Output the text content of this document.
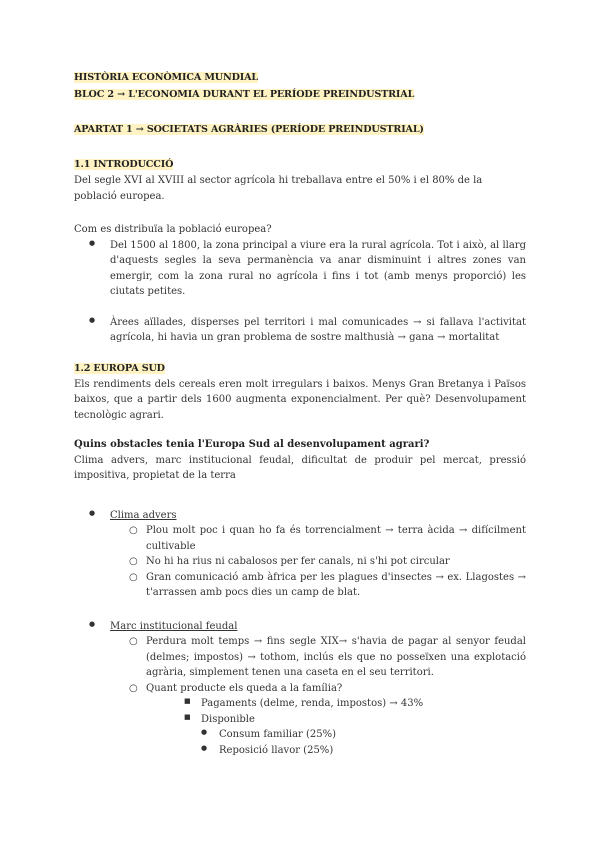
HISTÒRIA ECONÒMICA MUNDIAL
BLOC 2 → L'ECONOMIA DURANT EL PERÍODE PREINDUSTRIAL
APARTAT 1 → SOCIETATS AGRÀRIES (PERÍODE PREINDUSTRIAL)
1.1 INTRODUCCIÓ

Del segle XVI al XVIII al sector agrícola hi treballava entre el 50% i el 80% de la població europea.

Com es distribuïa la població europea?

● Del 1500 al 1800, la zona principal a viure era la rural agrícola. Tot i això, al llarg d'aquests segles la seva permanència va anar disminuint i altres zones van emergir, com la zona rural no agrícola i fins i tot (amb menys proporció) les ciutats petites.
● Àrees aïllades, disperses pel territori i mal comunicades → si fallava l'activitat agrícola, hi havia un gran problema de sostre malthusià → gana → mortalitat
1.2 EUROPA SUD

Els rendiments dels cereals eren molt irregulars i baixos. Menys Gran Bretanya i Països baixos, que a partir dels 1600 augmenta exponencialment. Per què? Desenvolupament tecnològic agrari.

Quins obstacles tenia l'Europa Sud al desenvolupament agrari?

Clima advers, marc institucional feudal, dificultat de produir pel mercat, pressió impositiva, propietat de la terra

● Clima advers
○ Plou molt poc i quan ho fa és torrencialment → terra àcida → difícilment cultivable
○ No hi ha rius ni cabalosos per fer canals, ni s'hi pot circular
○ Gran comunicació amb àfrica per les plagues d'insectes → ex. Llagostes → t'arrassen amb pocs dies un camp de blat.
● Marc institucional feudal
○ Perdura molt temps → fins segle XIX→ s'havia de pagar al senyor feudal (delmes; impostos) → tothom, inclús els que no posseïxen una explotació agrària, simplement tenen una caseta en el seu territori.
○ Quant producte els queda a la família?
■ Pagaments (delme, renda, impostos) → 43%
■ Disponible
● Consum familiar (25%)
● Reposició llavor (25%)
